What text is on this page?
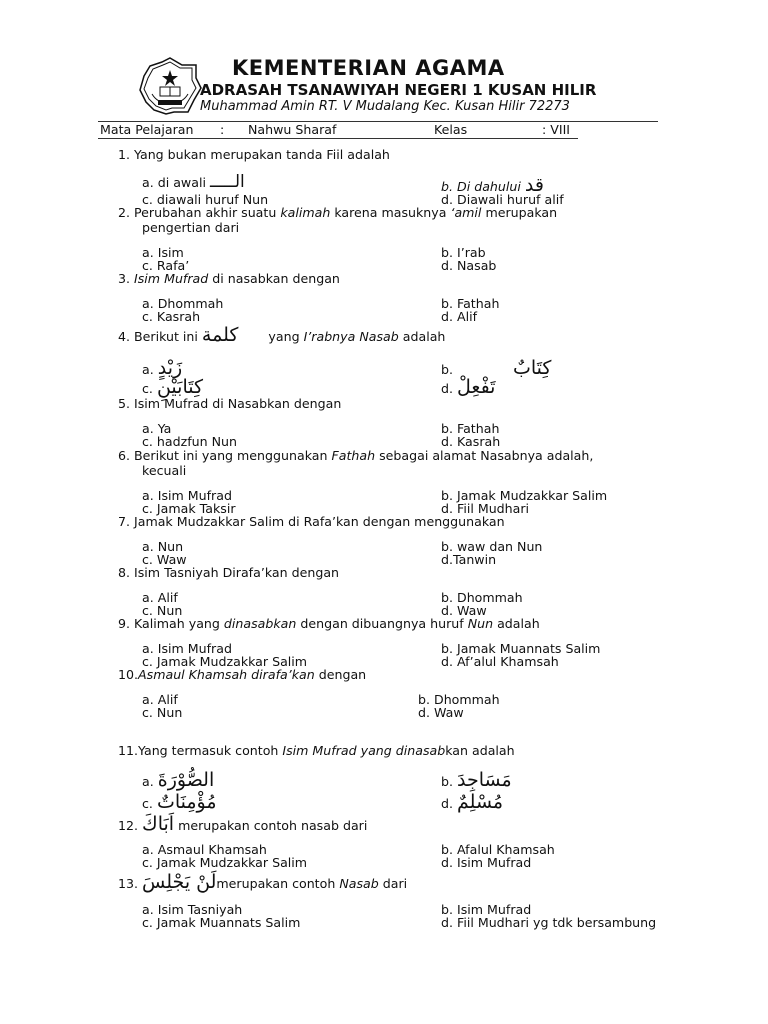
KEMENTERIAN AGAMA
ADRASAH TSANAWIYAH NEGERI 1 KUSAN HILIR
Muhammad Amin RT. V Mudalang Kec. Kusan Hilir 72273
Mata Pelajaran : Nahwu Sharaf	Kelas	: VIII
1. Yang bukan merupakan tanda Fiil adalah
a. di awali الـــــ	b. Di dahului قد
c. diawali huruf Nun	d. Diawali huruf alif
2. Perubahan akhir suatu kalimah karena masuknya ‘amil merupakan
pengertian dari
a. Isim	b. I’rab
c. Rafa’	d. Nasab
3. Isim Mufrad di nasabkan dengan
a. Dhommah	b. Fathah
c. Kasrah	d. Alif
4. Berikut ini كلمة yang I’rabnya Nasab adalah
a. زَيْدٍ	b.	كِتَابٌ
c. كِتَابَيْنِ	d. تَفْعِلْ
5. Isim Mufrad di Nasabkan dengan
a. Ya	b. Fathah
c. hadzfun Nun	d. Kasrah
6. Berikut ini yang menggunakan Fathah sebagai alamat Nasabnya adalah,
kecuali
a. Isim Mufrad	b. Jamak Mudzakkar Salim
c. Jamak Taksir	d. Fiil Mudhari
7. Jamak Mudzakkar Salim di Rafa’kan dengan menggunakan
a. Nun	b. waw dan Nun
c. Waw	d.Tanwin
8. Isim Tasniyah Dirafa’kan dengan
a. Alif	b. Dhommah
c. Nun	d. Waw
9. Kalimah yang dinasabkan dengan dibuangnya huruf Nun adalah
a. Isim Mufrad	b. Jamak Muannats Salim
c. Jamak Mudzakkar Salim	d. Af’alul Khamsah
10.Asmaul Khamsah dirafa’kan dengan
a. Alif	b. Dhommah
c. Nun	d. Waw
11.Yang termasuk contoh Isim Mufrad yang dinasabkan adalah
a. الصُّوْرَةَ	b. مَسَاجِدَ
c. مُؤْمِنَاتٌ	d. مُسْلِمٌ
12. اَبَاكَ merupakan contoh nasab dari
a. Asmaul Khamsah	b. Afalul Khamsah
c. Jamak Mudzakkar Salim	d. Isim Mufrad
13. لَنْ يَجْلِسَmerupakan contoh Nasab dari
a. Isim Tasniyah	b. Isim Mufrad
c. Jamak Muannats Salim	d. Fiil Mudhari yg tdk bersambung
